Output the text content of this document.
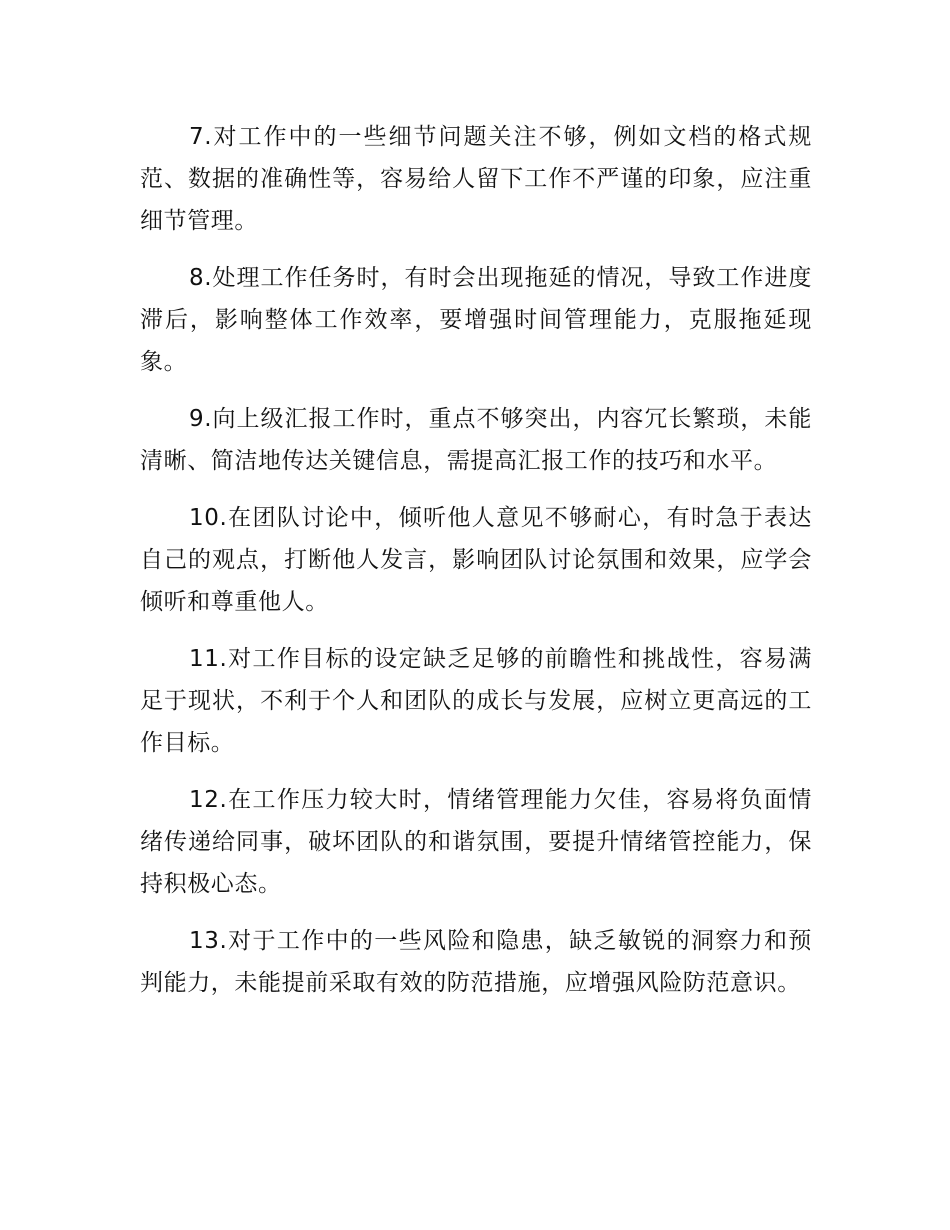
7.对工作中的一些细节问题关注不够，例如文档的格式规范、数据的准确性等，容易给人留下工作不严谨的印象，应注重细节管理。

8.处理工作任务时，有时会出现拖延的情况，导致工作进度滞后，影响整体工作效率，要增强时间管理能力，克服拖延现象。

9.向上级汇报工作时，重点不够突出，内容冗长繁琐，未能清晰、简洁地传达关键信息，需提高汇报工作的技巧和水平。

10.在团队讨论中，倾听他人意见不够耐心，有时急于表达自己的观点，打断他人发言，影响团队讨论氛围和效果，应学会倾听和尊重他人。

11.对工作目标的设定缺乏足够的前瞻性和挑战性，容易满足于现状，不利于个人和团队的成长与发展，应树立更高远的工作目标。

12.在工作压力较大时，情绪管理能力欠佳，容易将负面情绪传递给同事，破坏团队的和谐氛围，要提升情绪管控能力，保持积极心态。

13.对于工作中的一些风险和隐患，缺乏敏锐的洞察力和预判能力，未能提前采取有效的防范措施，应增强风险防范意识。
